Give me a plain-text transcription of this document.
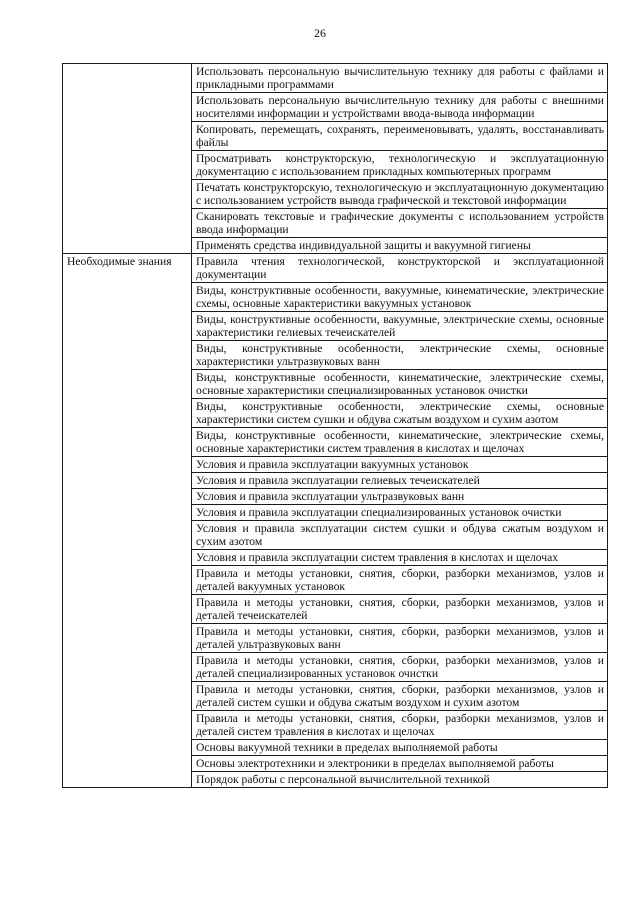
26
	Использовать персональную вычислительную технику для работы с файлами и прикладными программами
	Использовать персональную вычислительную технику для работы с внешними носителями информации и устройствами ввода-вывода информации
	Копировать, перемещать, сохранять, переименовывать, удалять, восстанавливать файлы
	Просматривать конструкторскую, технологическую и эксплуатационную документацию с использованием прикладных компьютерных программ
	Печатать конструкторскую, технологическую и эксплуатационную документацию с использованием устройств вывода графической и текстовой информации
	Сканировать текстовые и графические документы с использованием устройств ввода информации
	Применять средства индивидуальной защиты и вакуумной гигиены
Необходимые знания	Правила чтения технологической, конструкторской и эксплуатационной документации
	Виды, конструктивные особенности, вакуумные, кинематические, электрические схемы, основные характеристики вакуумных установок
	Виды, конструктивные особенности, вакуумные, электрические схемы, основные характеристики гелиевых течеискателей
	Виды, конструктивные особенности, электрические схемы, основные характеристики ультразвуковых ванн
	Виды, конструктивные особенности, кинематические, электрические схемы, основные характеристики специализированных установок очистки
	Виды, конструктивные особенности, электрические схемы, основные характеристики систем сушки и обдува сжатым воздухом и сухим азотом
	Виды, конструктивные особенности, кинематические, электрические схемы, основные характеристики систем травления в кислотах и щелочах
	Условия и правила эксплуатации вакуумных установок
	Условия и правила эксплуатации гелиевых течеискателей
	Условия и правила эксплуатации ультразвуковых ванн
	Условия и правила эксплуатации специализированных установок очистки
	Условия и правила эксплуатации систем сушки и обдува сжатым воздухом и сухим азотом
	Условия и правила эксплуатации систем травления в кислотах и щелочах
	Правила и методы установки, снятия, сборки, разборки механизмов, узлов и деталей вакуумных установок
	Правила и методы установки, снятия, сборки, разборки механизмов, узлов и деталей течеискателей
	Правила и методы установки, снятия, сборки, разборки механизмов, узлов и деталей ультразвуковых ванн
	Правила и методы установки, снятия, сборки, разборки механизмов, узлов и деталей специализированных установок очистки
	Правила и методы установки, снятия, сборки, разборки механизмов, узлов и деталей систем сушки и обдува сжатым воздухом и сухим азотом
	Правила и методы установки, снятия, сборки, разборки механизмов, узлов и деталей систем травления в кислотах и щелочах
	Основы вакуумной техники в пределах выполняемой работы
	Основы электротехники и электроники в пределах выполняемой работы
	Порядок работы с персональной вычислительной техникой
